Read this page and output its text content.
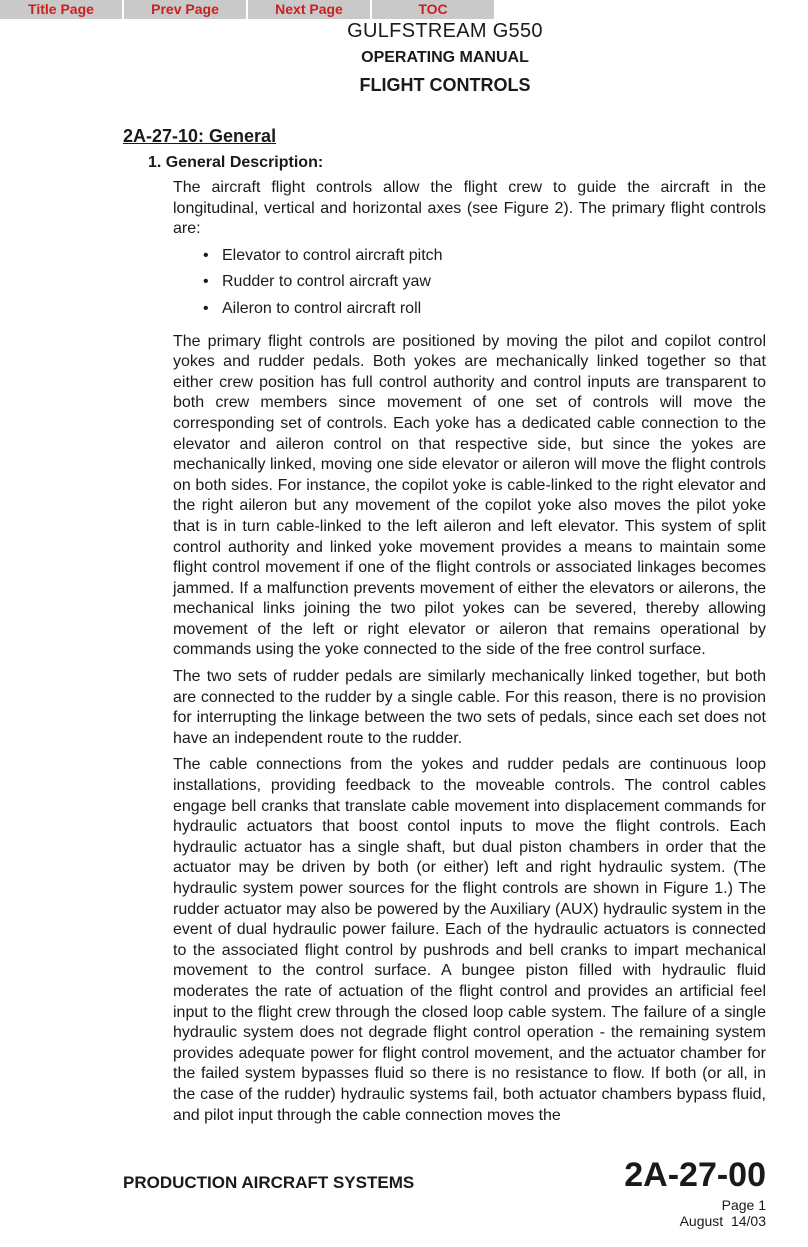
Title Page	Prev Page	Next Page	TOC
GULFSTREAM G550
OPERATING MANUAL
FLIGHT CONTROLS
2A-27-10: General
1. General Description:

The aircraft flight controls allow the flight crew to guide the aircraft in the longitudinal, vertical and horizontal axes (see Figure 2). The primary flight controls are:

• Elevator to control aircraft pitch
• Rudder to control aircraft yaw
• Aileron to control aircraft roll

The primary flight controls are positioned by moving the pilot and copilot control yokes and rudder pedals. Both yokes are mechanically linked together so that either crew position has full control authority and control inputs are transparent to both crew members since movement of one set of controls will move the corresponding set of controls. Each yoke has a dedicated cable connection to the elevator and aileron control on that respective side, but since the yokes are mechanically linked, moving one side elevator or aileron will move the flight controls on both sides. For instance, the copilot yoke is cable-linked to the right elevator and the right aileron but any movement of the copilot yoke also moves the pilot yoke that is in turn cable-linked to the left aileron and left elevator. This system of split control authority and linked yoke movement provides a means to maintain some flight control movement if one of the flight controls or associated linkages becomes jammed. If a malfunction prevents movement of either the elevators or ailerons, the mechanical links joining the two pilot yokes can be severed, thereby allowing movement of the left or right elevator or aileron that remains operational by commands using the yoke connected to the side of the free control surface.

The two sets of rudder pedals are similarly mechanically linked together, but both are connected to the rudder by a single cable. For this reason, there is no provision for interrupting the linkage between the two sets of pedals, since each set does not have an independent route to the rudder.

The cable connections from the yokes and rudder pedals are continuous loop installations, providing feedback to the moveable controls. The control cables engage bell cranks that translate cable movement into displacement commands for hydraulic actuators that boost contol inputs to move the flight controls. Each hydraulic actuator has a single shaft, but dual piston chambers in order that the actuator may be driven by both (or either) left and right hydraulic system. (The hydraulic system power sources for the flight controls are shown in Figure 1.) The rudder actuator may also be powered by the Auxiliary (AUX) hydraulic system in the event of dual hydraulic power failure. Each of the hydraulic actuators is connected to the associated flight control by pushrods and bell cranks to impart mechanical movement to the control surface. A bungee piston filled with hydraulic fluid moderates the rate of actuation of the flight control and provides an artificial feel input to the flight crew through the closed loop cable system. The failure of a single hydraulic system does not degrade flight control operation - the remaining system provides adequate power for flight control movement, and the actuator chamber for the failed system bypasses fluid so there is no resistance to flow. If both (or all, in the case of the rudder) hydraulic systems fail, both actuator chambers bypass fluid, and pilot input through the cable connection moves the

PRODUCTION AIRCRAFT SYSTEMS	2A-27-00
Page 1
August  14/03
